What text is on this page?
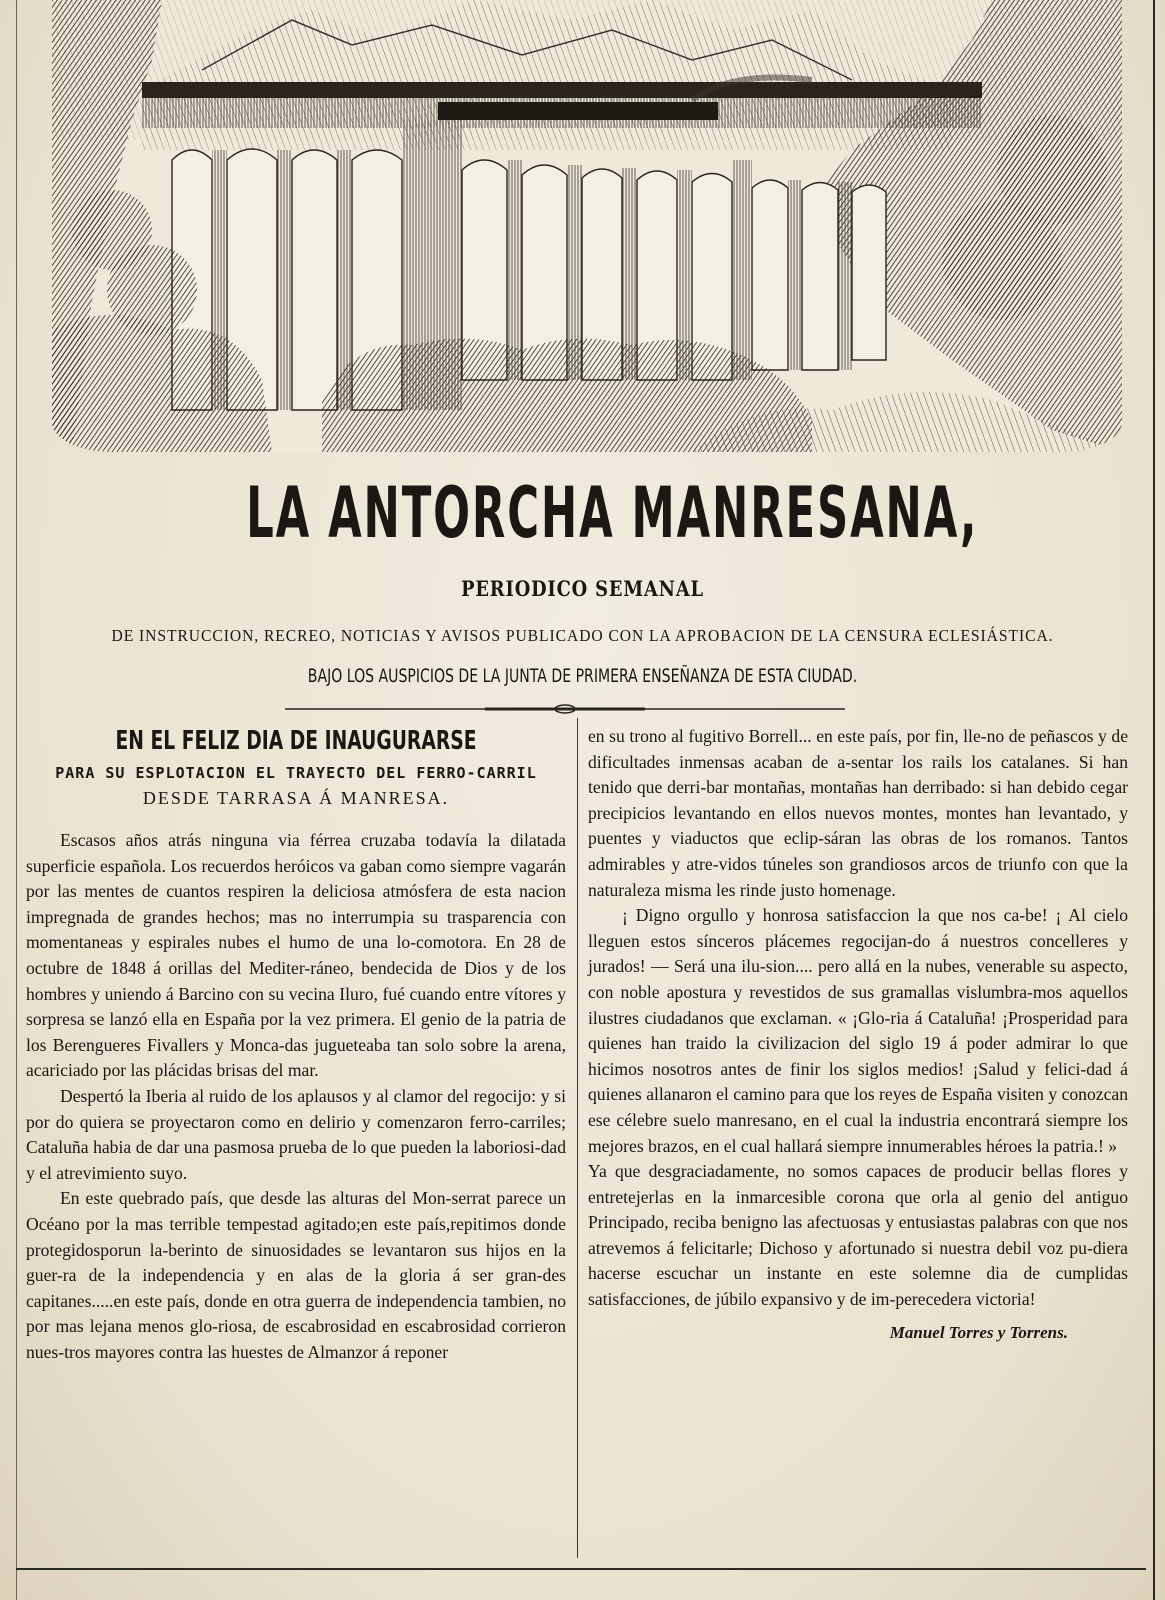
LA ANTORCHA MANRESANA,
PERIODICO SEMANAL
DE INSTRUCCION, RECREO, NOTICIAS Y AVISOS PUBLICADO CON LA APROBACION DE LA CENSURA ECLESIÁSTICA.
BAJO LOS AUSPICIOS DE LA JUNTA DE PRIMERA ENSEÑANZA DE ESTA CIUDAD.
EN EL FELIZ DIA DE INAUGURARSE
PARA SU ESPLOTACION EL TRAYECTO DEL FERRO-CARRIL
DESDE TARRASA Á MANRESA.

Escasos años atrás ninguna via férrea cruzaba todavía la dilatada superficie española. Los recuerdos heróicos va gaban como siempre vagarán por las mentes de cuantos respiren la deliciosa atmósfera de esta nacion impregnada de grandes hechos; mas no interrumpia su trasparencia con momentaneas y espirales nubes el humo de una lo-comotora. En 28 de octubre de 1848 á orillas del Mediter-ráneo, bendecida de Dios y de los hombres y uniendo á Barcino con su vecina Iluro, fué cuando entre vítores y sorpresa se lanzó ella en España por la vez primera. El genio de la patria de los Berengueres Fivallers y Monca-das jugueteaba tan solo sobre la arena, acariciado por las plácidas brisas del mar.

Despertó la Iberia al ruido de los aplausos y al clamor del regocijo: y si por do quiera se proyectaron como en delirio y comenzaron ferro-carriles; Cataluña habia de dar una pasmosa prueba de lo que pueden la laboriosi-dad y el atrevimiento suyo.

En este quebrado país, que desde las alturas del Mon-serrat parece un Océano por la mas terrible tempestad agitado;en este país,repitimos donde protegidosporun la-berinto de sinuosidades se levantaron sus hijos en la guer-ra de la independencia y en alas de la gloria á ser gran-des capitanes.....en este país, donde en otra guerra de independencia tambien, no por mas lejana menos glo-riosa, de escabrosidad en escabrosidad corrieron nues-tros mayores contra las huestes de Almanzor á reponer

en su trono al fugitivo Borrell... en este país, por fin, lle-no de peñascos y de dificultades inmensas acaban de a-sentar los rails los catalanes. Si han tenido que derri-bar montañas, montañas han derribado: si han debido cegar precipicios levantando en ellos nuevos montes, montes han levantado, y puentes y viaductos que eclip-sáran las obras de los romanos. Tantos admirables y atre-vidos túneles son grandiosos arcos de triunfo con que la naturaleza misma les rinde justo homenage.

¡ Digno orgullo y honrosa satisfaccion la que nos ca-be! ¡ Al cielo lleguen estos sínceros plácemes regocijan-do á nuestros concelleres y jurados! — Será una ilu-sion.... pero allá en la nubes, venerable su aspecto, con noble apostura y revestidos de sus gramallas vislumbra-mos aquellos ilustres ciudadanos que exclaman. « ¡Glo-ria á Cataluña! ¡Prosperidad para quienes han traido la civilizacion del siglo 19 á poder admirar lo que hicimos nosotros antes de finir los siglos medios! ¡Salud y felici-dad á quienes allanaron el camino para que los reyes de España visiten y conozcan ese célebre suelo manresano, en el cual la industria encontrará siempre los mejores brazos, en el cual hallará siempre innumerables héroes la patria.! »

Ya que desgraciadamente, no somos capaces de producir bellas flores y entretejerlas en la inmarcesible corona que orla al genio del antiguo Principado, reciba benigno las afectuosas y entusiastas palabras con que nos atrevemos á felicitarle; Dichoso y afortunado si nuestra debil voz pu-diera hacerse escuchar un instante en este solemne dia de cumplidas satisfacciones, de júbilo expansivo y de im-perecedera victoria!

Manuel Torres y Torrens.
